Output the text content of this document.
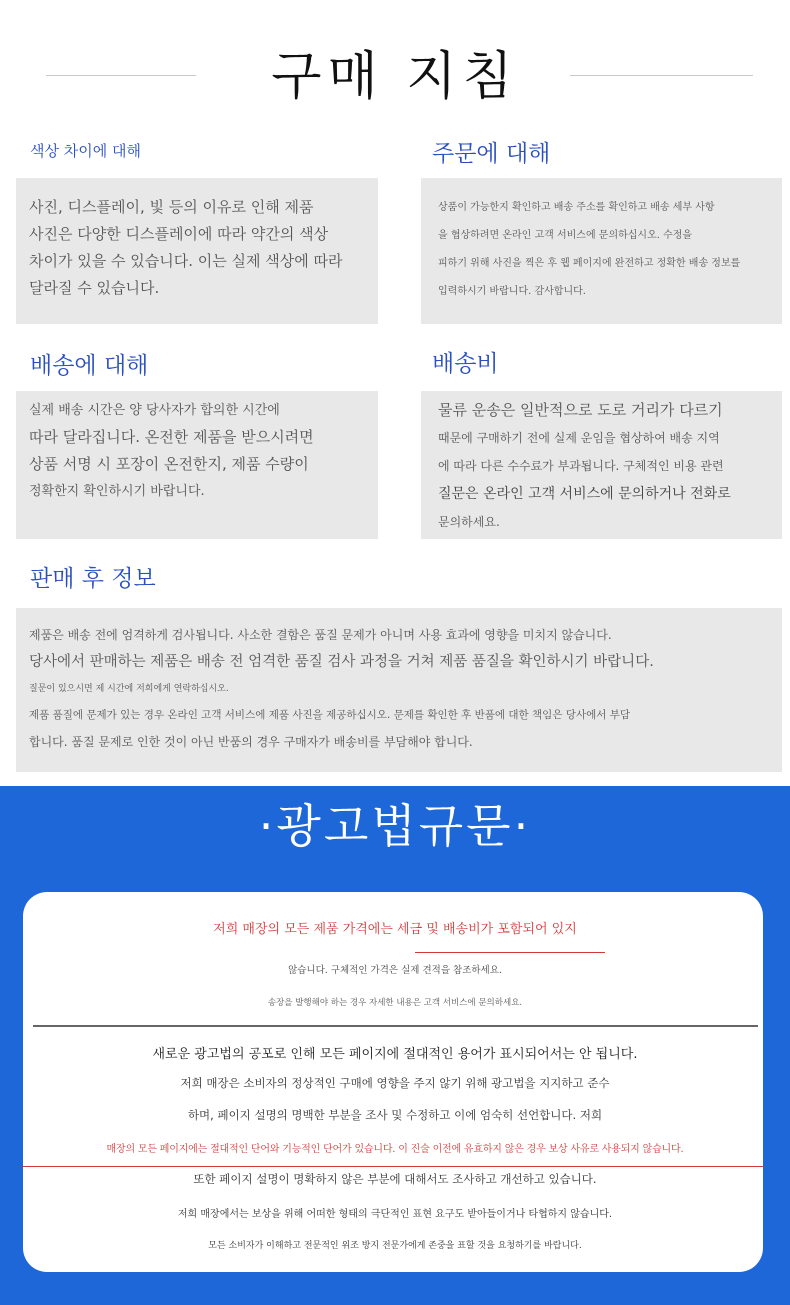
구매 지침
색상 차이에 대해

사진, 디스플레이, 빛 등의 이유로 인해 제품

사진은 다양한 디스플레이에 따라 약간의 색상

차이가 있을 수 있습니다. 이는 실제 색상에 따라

달라질 수 있습니다.

주문에 대해

상품이 가능한지 확인하고 배송 주소를 확인하고 배송 세부 사항

을 협상하려면 온라인 고객 서비스에 문의하십시오. 수정을

피하기 위해 사진을 찍은 후 웹 페이지에 완전하고 정확한 배송 정보를

입력하시기 바랍니다. 감사합니다.

배송에 대해

실제 배송 시간은 양 당사자가 합의한 시간에

따라 달라집니다. 온전한 제품을 받으시려면

상품 서명 시 포장이 온전한지, 제품 수량이

정확한지 확인하시기 바랍니다.

배송비

물류 운송은 일반적으로 도로 거리가 다르기

때문에 구매하기 전에 실제 운임을 협상하여 배송 지역

에 따라 다른 수수료가 부과됩니다. 구체적인 비용 관련

질문은 온라인 고객 서비스에 문의하거나 전화로

문의하세요.

판매 후 정보

제품은 배송 전에 엄격하게 검사됩니다. 사소한 결함은 품질 문제가 아니며 사용 효과에 영향을 미치지 않습니다.

당사에서 판매하는 제품은 배송 전 엄격한 품질 검사 과정을 거쳐 제품 품질을 확인하시기 바랍니다.

질문이 있으시면 제 시간에 저희에게 연락하십시오.

제품 품질에 문제가 있는 경우 온라인 고객 서비스에 제품 사진을 제공하십시오. 문제를 확인한 후 반품에 대한 책임은 당사에서 부담

합니다. 품질 문제로 인한 것이 아닌 반품의 경우 구매자가 배송비를 부담해야 합니다.

·광고법규문·
저희 매장의 모든 제품 가격에는 세금 및 배송비가 포함되어 있지
않습니다. 구체적인 가격은 실제 견적을 참조하세요.
송장을 발행해야 하는 경우 자세한 내용은 고객 서비스에 문의하세요.
새로운 광고법의 공포로 인해 모든 페이지에 절대적인 용어가 표시되어서는 안 됩니다.
저희 매장은 소비자의 정상적인 구매에 영향을 주지 않기 위해 광고법을 지지하고 준수
하며, 페이지 설명의 명백한 부분을 조사 및 수정하고 이에 엄숙히 선언합니다. 저희
매장의 모든 페이지에는 절대적인 단어와 기능적인 단어가 있습니다. 이 진술 이전에 유효하지 않은 경우 보상 사유로 사용되지 않습니다.
또한 페이지 설명이 명확하지 않은 부분에 대해서도 조사하고 개선하고 있습니다.
저희 매장에서는 보상을 위해 어떠한 형태의 극단적인 표현 요구도 받아들이거나 타협하지 않습니다.
모든 소비자가 이해하고 전문적인 위조 방지 전문가에게 존중을 표할 것을 요청하기를 바랍니다.
